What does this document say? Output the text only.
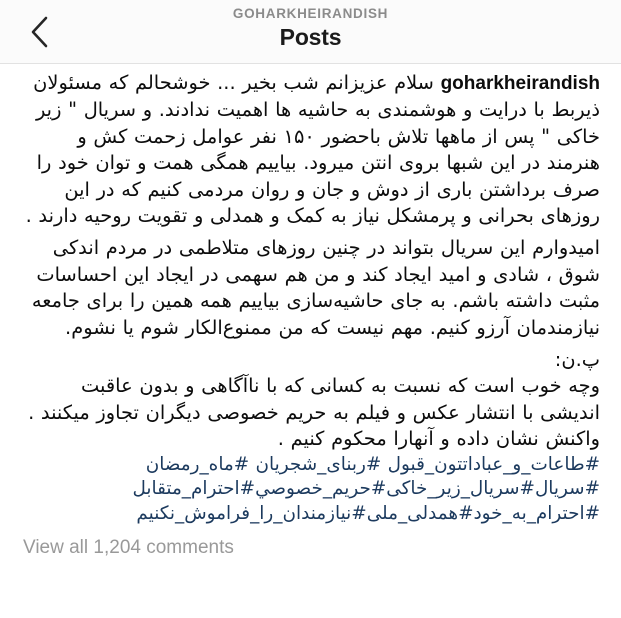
GOHARKHEIRANDISH
Posts

goharkheirandish سلام عزیزانم شب بخیر ... خوشحالم که مسئولان ذیربط با درایت و هوشمندی به حاشیه ها اهمیت ندادند. و سریال " زیر خاکی " پس از ماهها تلاش باحضور ۱۵۰ نفر عوامل زحمت کش و هنرمند در این شبها بروی انتن میرود. بیاییم همگی همت و توان خود را صرف برداشتن باری از دوش و جان و روان مردمی کنیم که در این روزهای بحرانی و پرمشکل نیاز به کمک و همدلی و تقویت روحیه دارند .

امیدوارم این سریال بتواند در چنین روزهای متلاطمی در مردم اندکی شوق ، شادی و امید ایجاد کند و من هم سهمی در ایجاد این احساسات مثبت داشته باشم. به جای حاشیه‌سازی بیاییم همه همین را برای جامعه نیازمندمان آرزو کنیم. مهم نیست که من ممنوع‌الکار شوم یا نشوم.

پ.ن:

وچه خوب است که نسبت به کسانی که با ناآگاهی و بدون عاقبت اندیشی با انتشار عکس و فیلم به حریم خصوصی دیگران تجاوز میکنند . واکنش نشان داده و آنهارا محکوم کنیم .

#طاعات_و_عباداتتون_قبول #ربنای_شجریان #ماه_رمضان #سریال#سریال_زیر_خاکی#حریم_خصوصي#احترام_متقابل #احترام_به_خود#همدلی_ملی#نیازمندان_را_فراموش_نکنیم

View all 1,204 comments
